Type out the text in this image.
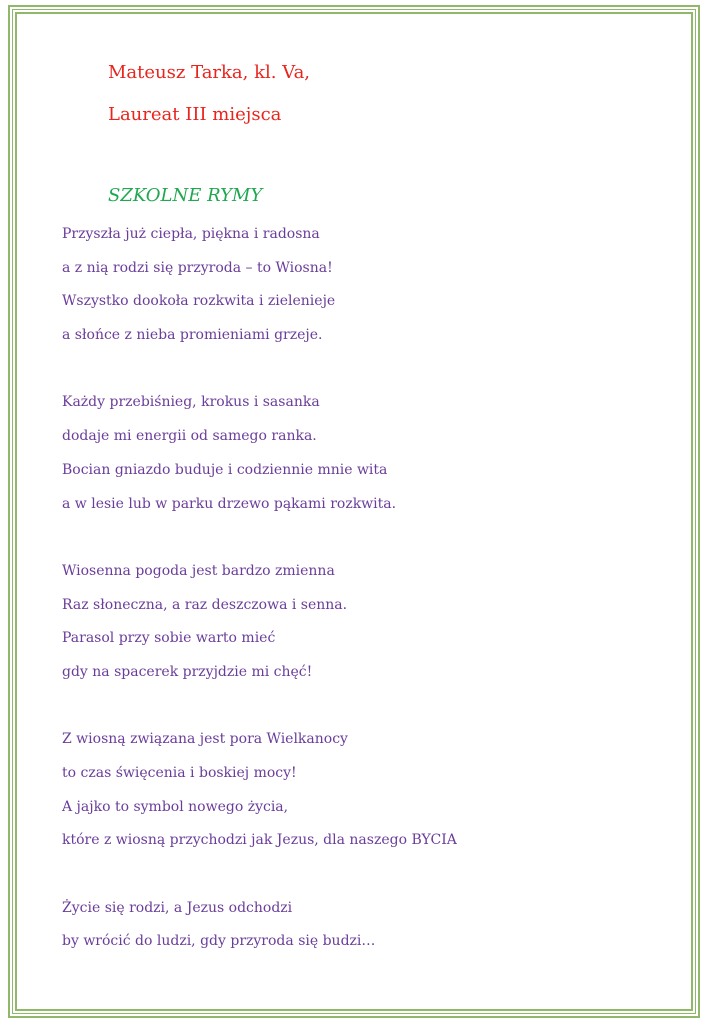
Mateusz Tarka, kl. Va,
Laureat III miejsca
SZKOLNE RYMY
Przyszła już ciepła, piękna i radosna
a z nią rodzi się przyroda – to Wiosna!
Wszystko dookoła rozkwita i zielenieje
a słońce z nieba promieniami grzeje.
Każdy przebiśnieg, krokus i sasanka
dodaje mi energii od samego ranka.
Bocian gniazdo buduje i codziennie mnie wita
a w lesie lub w parku drzewo pąkami rozkwita.
Wiosenna pogoda jest bardzo zmienna
Raz słoneczna, a raz deszczowa i senna.
Parasol przy sobie warto mieć
gdy na spacerek przyjdzie mi chęć!
Z wiosną związana jest pora Wielkanocy
to czas święcenia i boskiej mocy!
A jajko to symbol nowego życia,
które z wiosną przychodzi jak Jezus, dla naszego BYCIA
Życie się rodzi, a Jezus odchodzi
by wrócić do ludzi, gdy przyroda się budzi…
